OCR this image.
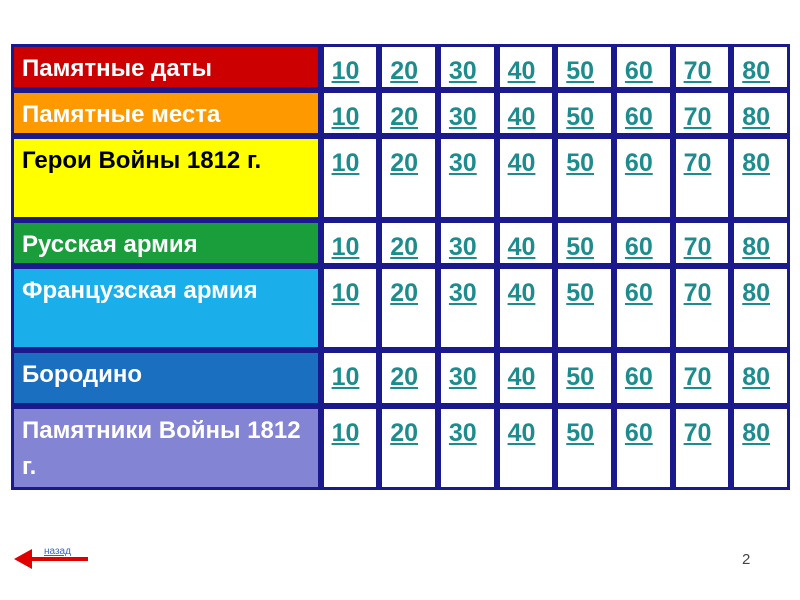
Памятные даты	10	20	30	40	50	60	70	80

Памятные места	10	20	30	40	50	60	70	80

Герои Войны 1812 г.	10	20	30	40	50	60	70	80

Русская армия	10	20	30	40	50	60	70	80

Французская армия	10	20	30	40	50	60	70	80

Бородино	10	20	30	40	50	60	70	80

Памятники Войны 1812 г.	10	20	30	40	50	60	70	80
назад	2
